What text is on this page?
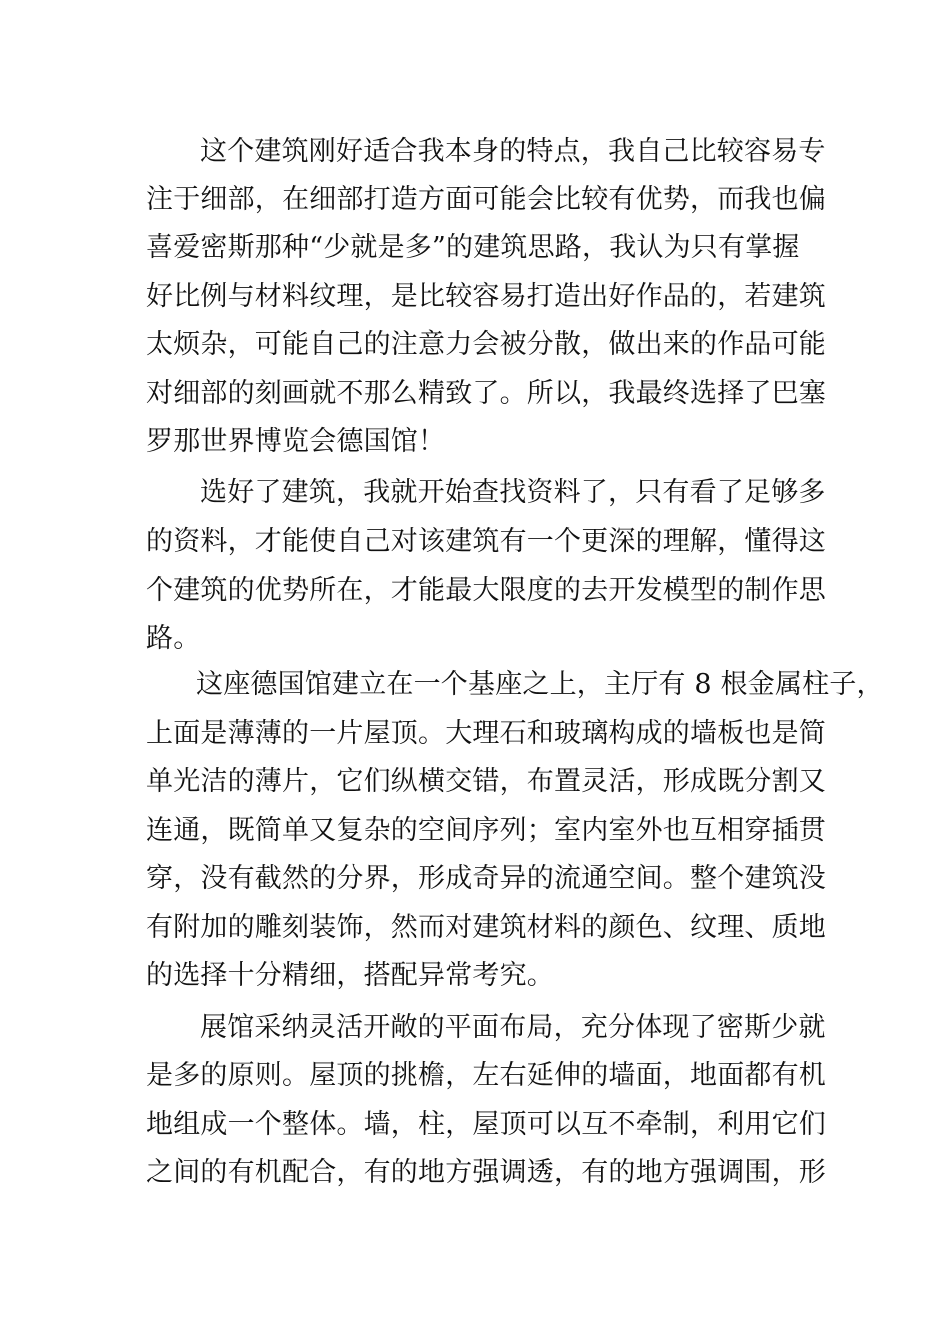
这个建筑刚好适合我本身的特点，我自己比较容易专
注于细部，在细部打造方面可能会比较有优势，而我也偏
喜爱密斯那种“少就是多”的建筑思路，我认为只有掌握
好比例与材料纹理，是比较容易打造出好作品的，若建筑
太烦杂，可能自己的注意力会被分散，做出来的作品可能
对细部的刻画就不那么精致了。所以，我最终选择了巴塞
罗那世界博览会德国馆！
选好了建筑，我就开始查找资料了，只有看了足够多
的资料，才能使自己对该建筑有一个更深的理解，懂得这
个建筑的优势所在，才能最大限度的去开发模型的制作思
路。
这座德国馆建立在一个基座之上，主厅有 8 根金属柱子，
上面是薄薄的一片屋顶。大理石和玻璃构成的墙板也是简
单光洁的薄片，它们纵横交错，布置灵活，形成既分割又
连通，既简单又复杂的空间序列；室内室外也互相穿插贯
穿，没有截然的分界，形成奇异的流通空间。整个建筑没
有附加的雕刻装饰，然而对建筑材料的颜色、纹理、质地
的选择十分精细，搭配异常考究。
展馆采纳灵活开敞的平面布局，充分体现了密斯少就
是多的原则。屋顶的挑檐，左右延伸的墙面，地面都有机
地组成一个整体。墙，柱，屋顶可以互不牵制，利用它们
之间的有机配合，有的地方强调透，有的地方强调围，形
